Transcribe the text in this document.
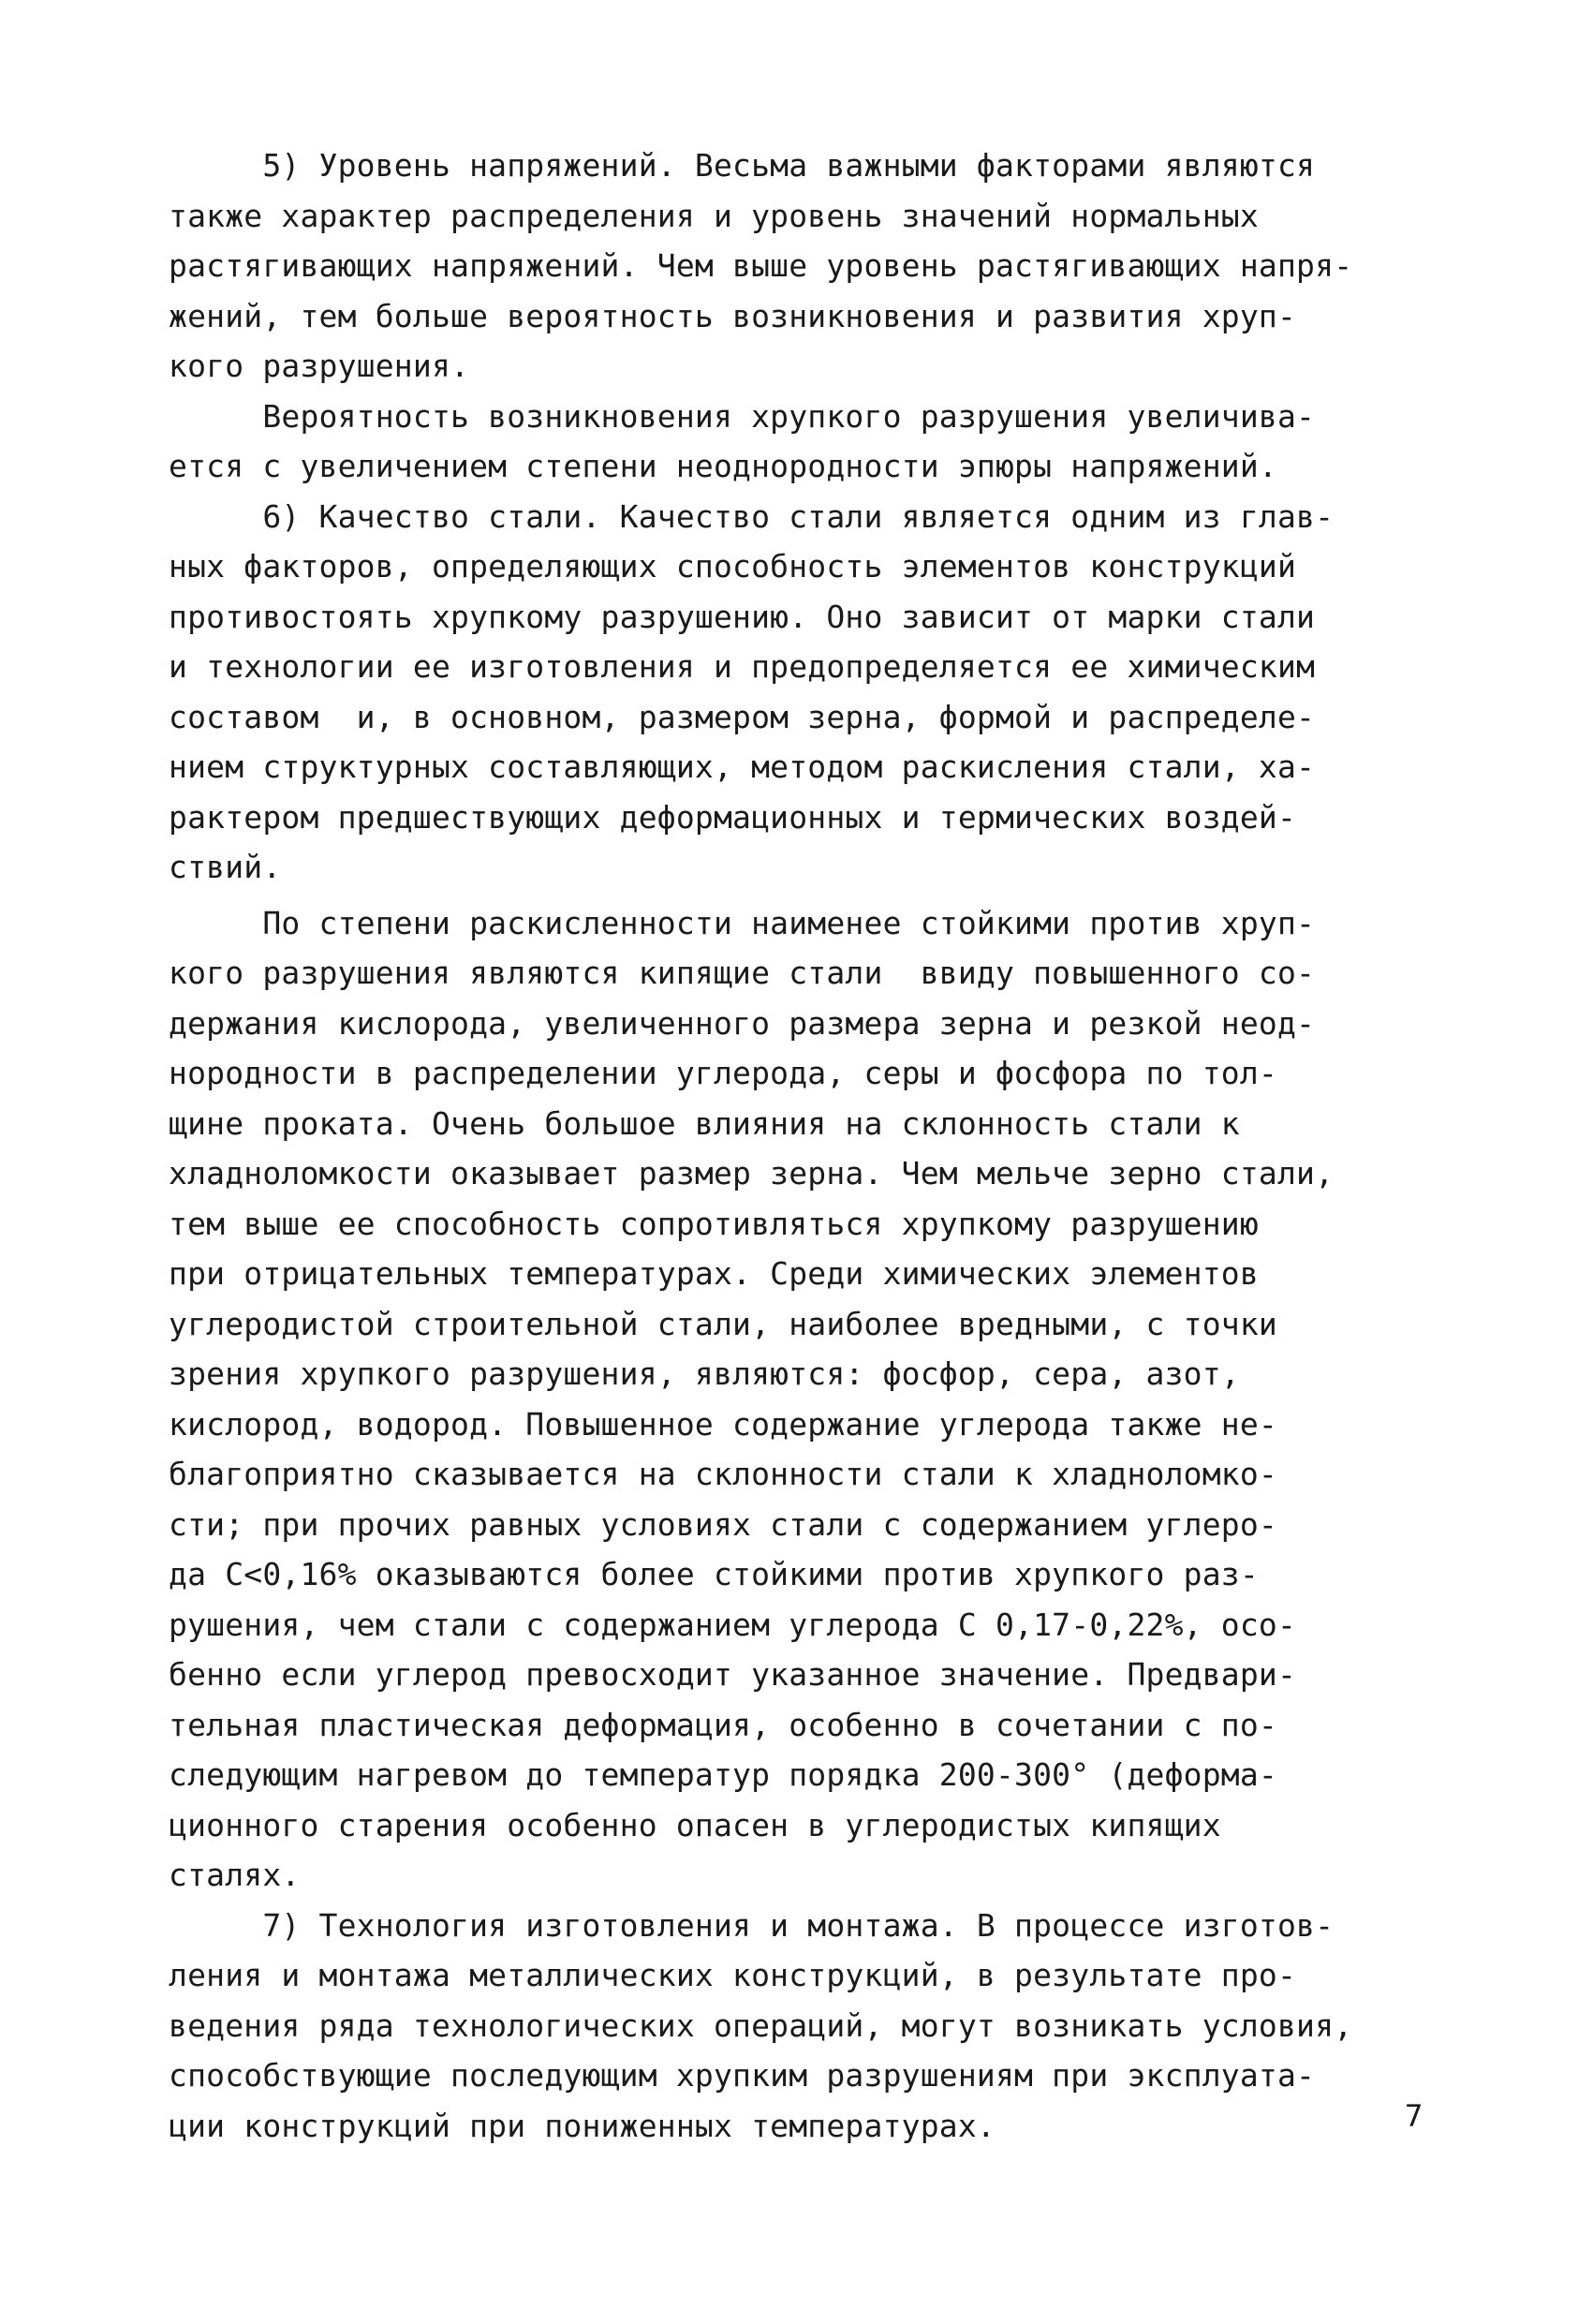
5) Уровень напряжений. Весьма важными факторами являются
также характер распределения и уровень значений нормальных
растягивающих напряжений. Чем выше уровень растягивающих напря-
жений, тем больше вероятность возникновения и развития хруп-
кого разрушения.
Вероятность возникновения хрупкого разрушения увеличива-
ется с увеличением степени неоднородности эпюры напряжений.
6) Качество стали. Качество стали является одним из глав-
ных факторов, определяющих способность элементов конструкций
противостоять хрупкому разрушению. Оно зависит от марки стали
и технологии ее изготовления и предопределяется ее химическим
составом  и, в основном, размером зерна, формой и распределе-
нием структурных составляющих, методом раскисления стали, ха-
рактером предшествующих деформационных и термических воздей-
ствий.
По степени раскисленности наименее стойкими против хруп-
кого разрушения являются кипящие стали  ввиду повышенного со-
держания кислорода, увеличенного размера зерна и резкой неод-
нородности в распределении углерода, серы и фосфора по тол-
щине проката. Очень большое влияния на склонность стали к
хладноломкости оказывает размер зерна. Чем мельче зерно стали,
тем выше ее способность сопротивляться хрупкому разрушению
при отрицательных температурах. Среди химических элементов
углеродистой строительной стали, наиболее вредными, с точки
зрения хрупкого разрушения, являются: фосфор, сера, азот,
кислород, водород. Повышенное содержание углерода также не-
благоприятно сказывается на склонности стали к хладноломко-
сти; при прочих равных условиях стали с содержанием углеро-
да С<0,16% оказываются более стойкими против хрупкого раз-
рушения, чем стали с содержанием углерода С 0,17-0,22%, осо-
бенно если углерод превосходит указанное значение. Предвари-
тельная пластическая деформация, особенно в сочетании с по-
следующим нагревом до температур порядка 200-300° (деформа-
ционного старения особенно опасен в углеродистых кипящих
сталях.
7) Технология изготовления и монтажа. В процессе изготов-
ления и монтажа металлических конструкций, в результате про-
ведения ряда технологических операций, могут возникать условия,
способствующие последующим хрупким разрушениям при эксплуата-
ции конструкций при пониженных температурах.	7
